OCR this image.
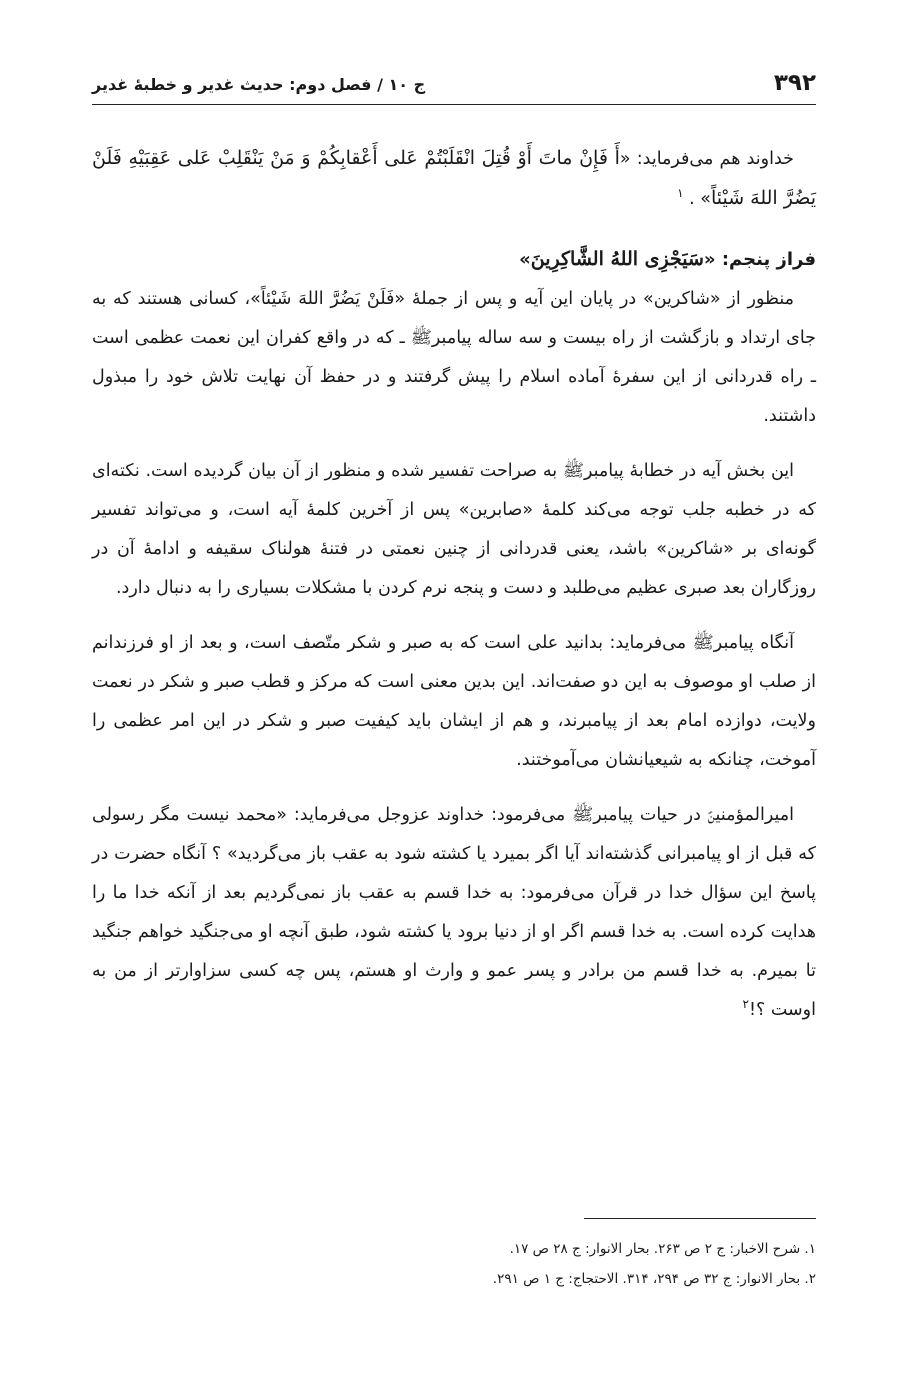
۳۹۲
ج ۱۰ / فصل دوم: حدیث غدیر و خطبهٔ غدیر

خداوند هم می‌فرماید: «أَ فَإِنْ ماتَ أَوْ قُتِلَ انْقَلَبْتُمْ عَلى أَعْقابِكُمْ وَ مَنْ يَنْقَلِبْ عَلى عَقِبَيْهِ فَلَنْ يَضُرَّ اللهَ شَيْئاً» . $^۱$

فراز پنجم: «سَيَجْزِى اللهُ الشَّاكِرِينَ»

منظور از «شاکرین» در پایان این آیه و پس از جملهٔ «فَلَنْ يَضُرَّ اللهَ شَيْئاً»، کسانی هستند که به جای ارتداد و بازگشت از راه بیست و سه ساله پیامبرﷺ ـ که در واقع کفران این نعمت عظمی است ـ راه قدردانی از این سفرهٔ آماده اسلام را پیش گرفتند و در حفظ آن نهایت تلاش خود را مبذول داشتند.

این بخش آیه در خطابهٔ پیامبرﷺ به صراحت تفسیر شده و منظور از آن بیان گردیده است. نکته‌ای که در خطبه جلب توجه می‌کند کلمهٔ «صابرین» پس از آخرین کلمهٔ آیه است، و می‌تواند تفسیر گونه‌ای بر «شاکرین» باشد، یعنی قدردانی از چنین نعمتی در فتنهٔ هولناک سقیفه و ادامهٔ آن در روزگاران بعد صبری عظیم می‌طلبد و دست و پنجه نرم کردن با مشکلات بسیاری را به دنبال دارد.

آنگاه پیامبرﷺ می‌فرماید: بدانید علی است که به صبر و شکر متّصف است، و بعد از او فرزندانم از صلب او موصوف به این دو صفت‌اند. این بدین معنی است که مرکز و قطب صبر و شکر در نعمت ولایت، دوازده امام بعد از پیامبرند، و هم از ایشان باید کیفیت صبر و شکر در این امر عظمی را آموخت، چنانکه به شیعیانشان می‌آموختند.

امیرالمؤمنینؑ در حیات پیامبرﷺ می‌فرمود: خداوند عزوجل می‌فرماید: «محمد نیست مگر رسولی که قبل از او پیامبرانی گذشته‌اند آیا اگر بمیرد یا کشته شود به عقب باز می‌گردید» ؟ آنگاه حضرت در پاسخ این سؤال خدا در قرآن می‌فرمود: به خدا قسم به عقب باز نمی‌گردیم بعد از آنکه خدا ما را هدایت کرده است. به خدا قسم اگر او از دنیا برود یا کشته شود، طبق آنچه او می‌جنگید خواهم جنگید تا بمیرم. به خدا قسم من برادر و پسر عمو و وارث او هستم، پس چه کسی سزاوارتر از من به اوست ؟!$^۲$

۱. شرح الاخبار: ج ۲ ص ۲۶۳. بحار الانوار: ج ۲۸ ص ۱۷.

۲. بحار الانوار: ج ۳۲ ص ۲۹۴، ۳۱۴. الاحتجاج: ج ۱ ص ۲۹۱.
